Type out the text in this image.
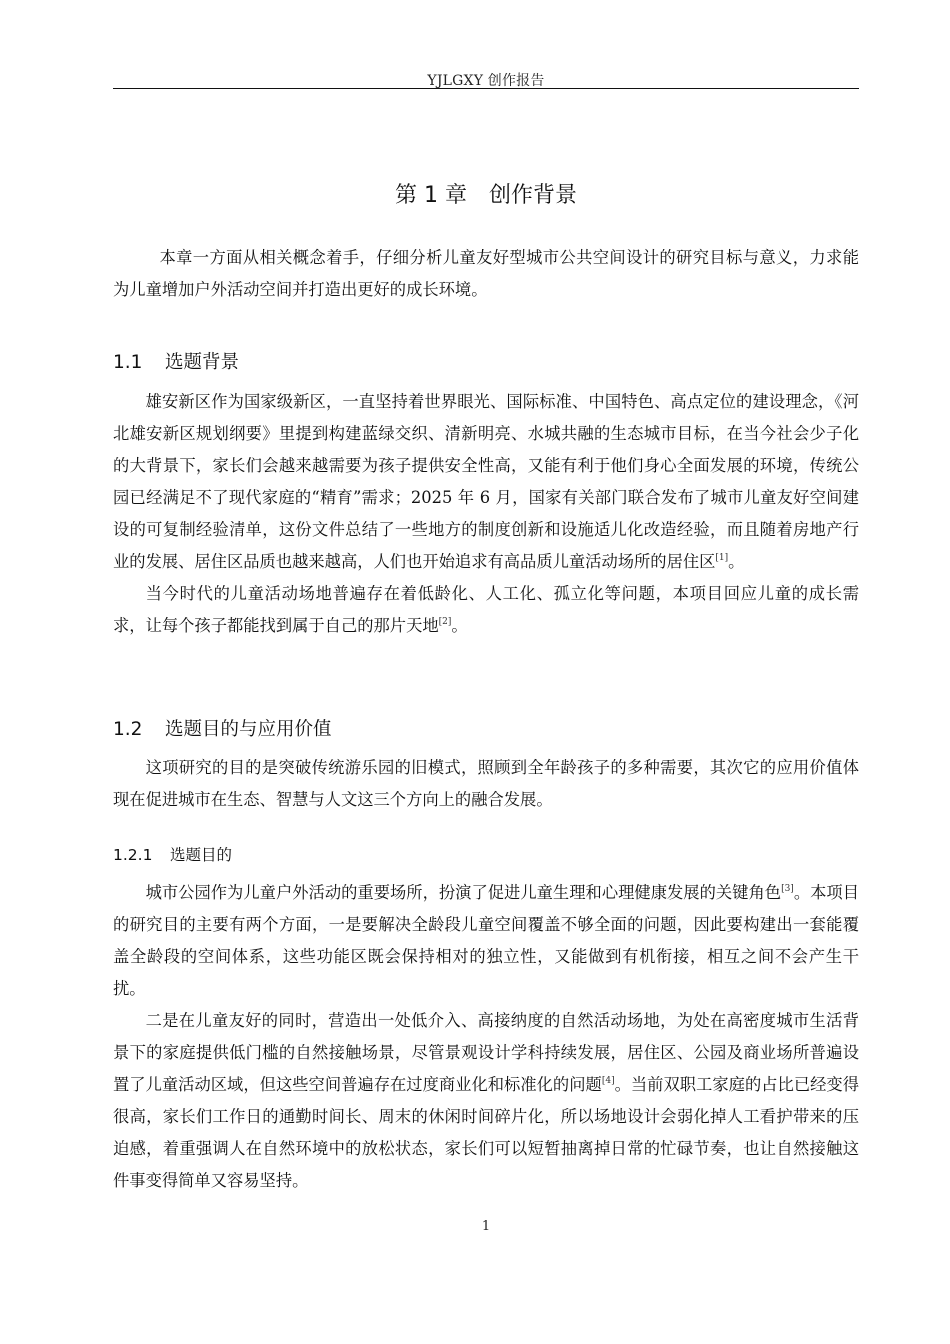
YJLGXY 创作报告
第 1 章 创作背景

本章一方面从相关概念着手，仔细分析儿童友好型城市公共空间设计的研究目标与意义，力求能为儿童增加户外活动空间并打造出更好的成长环境。

1.1 选题背景

雄安新区作为国家级新区，一直坚持着世界眼光、国际标准、中国特色、高点定位的建设理念，《河北雄安新区规划纲要》里提到构建蓝绿交织、清新明亮、水城共融的生态城市目标，在当今社会少子化的大背景下，家长们会越来越需要为孩子提供安全性高，又能有利于他们身心全面发展的环境，传统公园已经满足不了现代家庭的“精育”需求；2025 年 6 月，国家有关部门联合发布了城市儿童友好空间建设的可复制经验清单，这份文件总结了一些地方的制度创新和设施适儿化改造经验，而且随着房地产行业的发展、居住区品质也越来越高，人们也开始追求有高品质儿童活动场所的居住区[1]。

当今时代的儿童活动场地普遍存在着低龄化、人工化、孤立化等问题，本项目回应儿童的成长需求，让每个孩子都能找到属于自己的那片天地[2]。

1.2 选题目的与应用价值

这项研究的目的是突破传统游乐园的旧模式，照顾到全年龄孩子的多种需要，其次它的应用价值体现在促进城市在生态、智慧与人文这三个方向上的融合发展。

1.2.1 选题目的

城市公园作为儿童户外活动的重要场所，扮演了促进儿童生理和心理健康发展的关键角色[3]。本项目的研究目的主要有两个方面，一是要解决全龄段儿童空间覆盖不够全面的问题，因此要构建出一套能覆盖全龄段的空间体系，这些功能区既会保持相对的独立性，又能做到有机衔接，相互之间不会产生干扰。

二是在儿童友好的同时，营造出一处低介入、高接纳度的自然活动场地，为处在高密度城市生活背景下的家庭提供低门槛的自然接触场景，尽管景观设计学科持续发展，居住区、公园及商业场所普遍设置了儿童活动区域，但这些空间普遍存在过度商业化和标准化的问题[4]。当前双职工家庭的占比已经变得很高，家长们工作日的通勤时间长、周末的休闲时间碎片化，所以场地设计会弱化掉人工看护带来的压迫感，着重强调人在自然环境中的放松状态，家长们可以短暂抽离掉日常的忙碌节奏，也让自然接触这件事变得简单又容易坚持。

1
